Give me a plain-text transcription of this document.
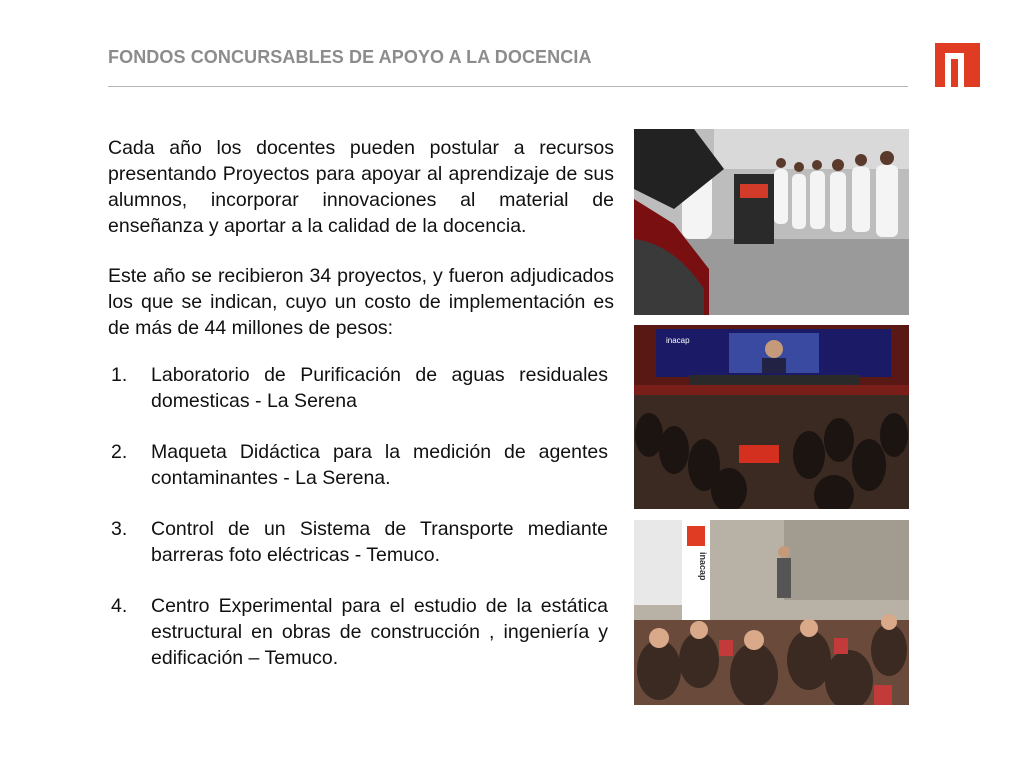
FONDOS CONCURSABLES DE APOYO A LA DOCENCIA

Cada año los docentes pueden postular a recursos presentando Proyectos para apoyar al aprendizaje de sus alumnos, incorporar innovaciones al material de enseñanza y aportar a la calidad de la docencia.

Este año se recibieron 34 proyectos, y fueron adjudicados los que se indican, cuyo un costo de implementación es de más de 44 millones de pesos:

1. Laboratorio de Purificación de aguas residuales domesticas - La Serena
2. Maqueta Didáctica para la medición de agentes contaminantes - La Serena.
3. Control de un Sistema de Transporte mediante barreras foto eléctricas - Temuco.
4. Centro Experimental para el estudio de la estática estructural en obras de construcción , ingeniería y edificación – Temuco.
inacap
inacap
